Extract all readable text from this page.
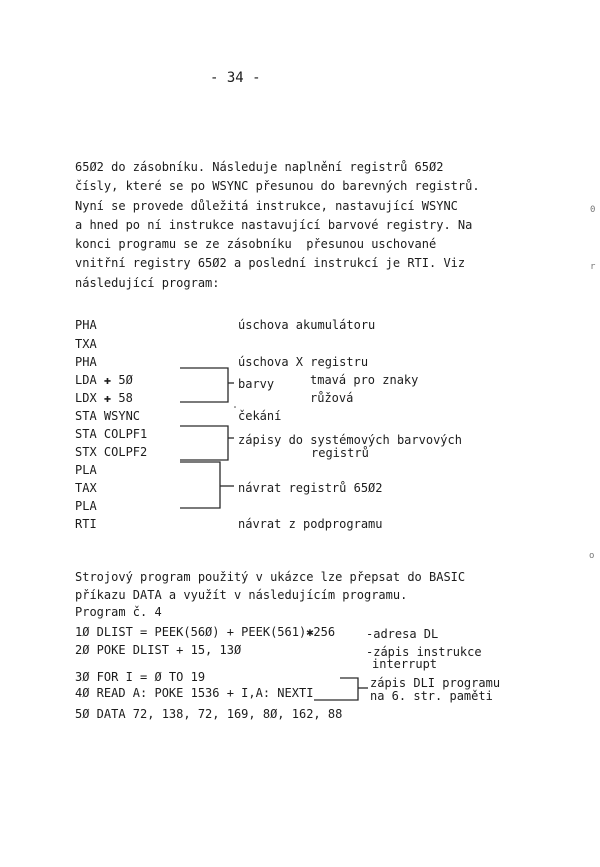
- 34 -
65Ø2 do zásobníku. Následuje naplnění registrů 65Ø2
čísly, které se po WSYNC přesunou do barevných registrů.
Nyní se provede důležitá instrukce, nastavující WSYNC
a hned po ní instrukce nastavující barvové registry. Na
konci programu se ze zásobníku  přesunou uschované
vnitřní registry 65Ø2 a poslední instrukcí je RTI. Viz
následující program:
PHA
TXA
PHA
LDA ✚ 5Ø
LDX ✚ 58
STA WSYNC
STA COLPF1
STX COLPF2
PLA
TAX
PLA
RTI
úschova akumulátoru
úschova X registru
barvy	tmavá pro znaky
růžová
čekání
zápisy do systémových barvových
registrů
návrat registrů 65Ø2
návrat z podprogramu
Strojový program použitý v ukázce lze přepsat do BASIC
příkazu DATA a využít v následujícím programu.
Program č. 4
1Ø DLIST = PEEK(56Ø) + PEEK(561)✱256
2Ø POKE DLIST + 15, 13Ø
3Ø FOR I = Ø TO 19
4Ø READ A: POKE 1536 + I,A: NEXTI
5Ø DATA 72, 138, 72, 169, 8Ø, 162, 88
-adresa DL
-zápis instrukce
interrupt
zápis DLI programu
na 6. str. paměti
0
r
o
